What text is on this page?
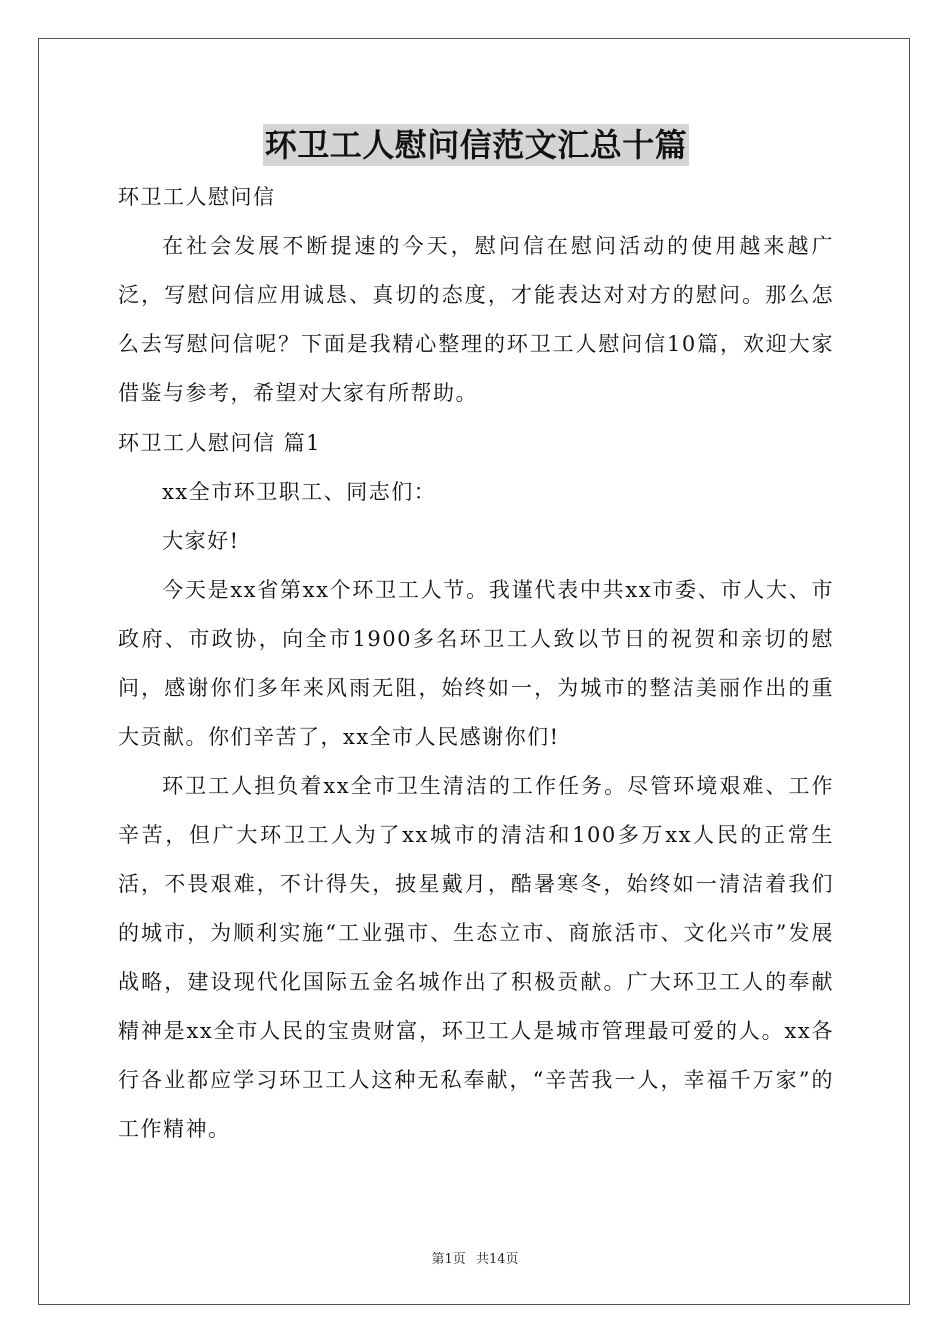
环卫工人慰问信范文汇总十篇

环卫工人慰问信

在社会发展不断提速的今天，慰问信在慰问活动的使用越来越广泛，写慰问信应用诚恳、真切的态度，才能表达对对方的慰问。那么怎么去写慰问信呢？下面是我精心整理的环卫工人慰问信10篇，欢迎大家借鉴与参考，希望对大家有所帮助。

环卫工人慰问信 篇1

xx全市环卫职工、同志们：

大家好!

今天是xx省第xx个环卫工人节。我谨代表中共xx市委、市人大、市政府、市政协，向全市1900多名环卫工人致以节日的祝贺和亲切的慰问，感谢你们多年来风雨无阻，始终如一，为城市的整洁美丽作出的重大贡献。你们辛苦了，xx全市人民感谢你们!

环卫工人担负着xx全市卫生清洁的工作任务。尽管环境艰难、工作辛苦，但广大环卫工人为了xx城市的清洁和100多万xx人民的正常生活，不畏艰难，不计得失，披星戴月，酷暑寒冬，始终如一清洁着我们的城市，为顺利实施“工业强市、生态立市、商旅活市、文化兴市”发展战略，建设现代化国际五金名城作出了积极贡献。广大环卫工人的奉献精神是xx全市人民的宝贵财富，环卫工人是城市管理最可爱的人。xx各行各业都应学习环卫工人这种无私奉献，“辛苦我一人，幸福千万家”的工作精神。

第1页 共14页
